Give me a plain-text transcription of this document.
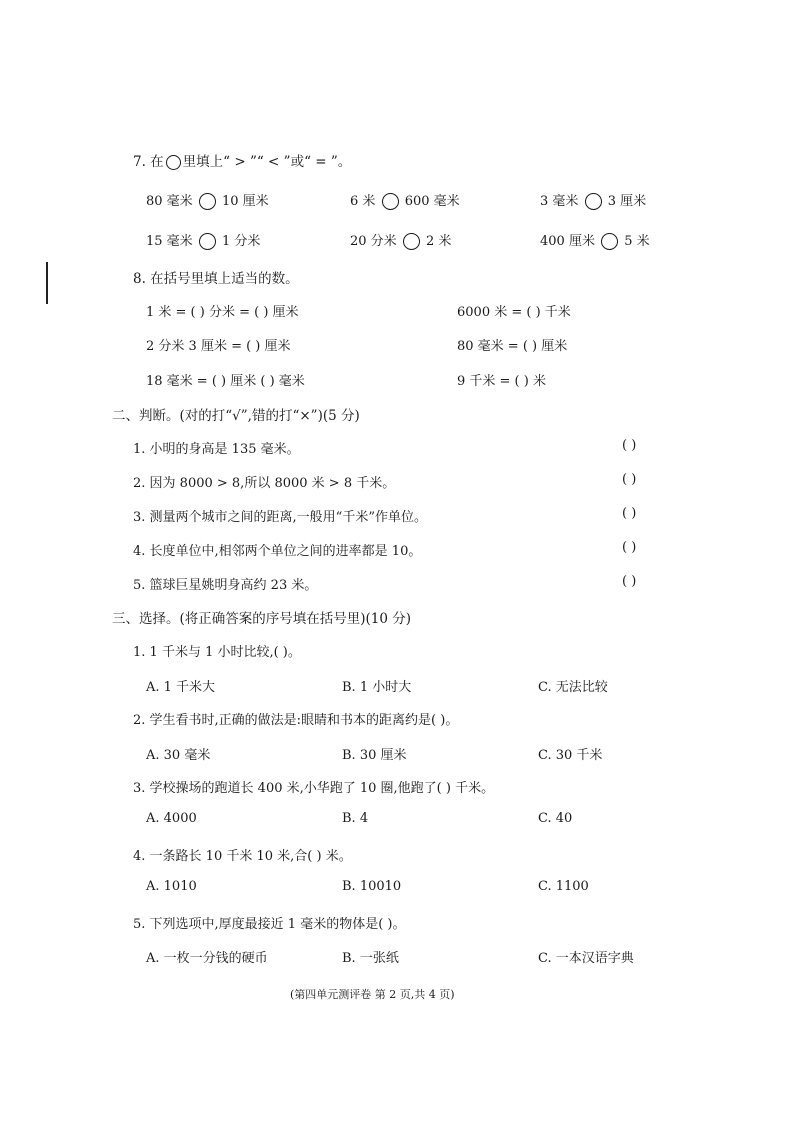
7. 在 里填上“ > ”“ < ”或“ = ”。
80 毫米 10 厘米	6 米 600 毫米	3 毫米 3 厘米
15 毫米 1 分米	20 分米 2 米	400 厘米 5 米
8. 在括号里填上适当的数。
1 米 = ( ) 分米 = ( ) 厘米	6000 米 = ( ) 千米
2 分米 3 厘米 = ( ) 厘米	80 毫米 = ( ) 厘米
18 毫米 = ( ) 厘米 ( ) 毫米	9 千米 = ( ) 米
二、判断。(对的打“√”,错的打“×”)(5 分)
1. 小明的身高是 135 毫米。	( )
2. 因为 8000 > 8,所以 8000 米 > 8 千米。	( )
3. 测量两个城市之间的距离,一般用“千米”作单位。	( )
4. 长度单位中,相邻两个单位之间的进率都是 10。	( )
5. 篮球巨星姚明身高约 23 米。	( )
三、选择。(将正确答案的序号填在括号里)(10 分)
1. 1 千米与 1 小时比较,( )。
A. 1 千米大	B. 1 小时大	C. 无法比较
2. 学生看书时,正确的做法是:眼睛和书本的距离约是( )。
A. 30 毫米	B. 30 厘米	C. 30 千米
3. 学校操场的跑道长 400 米,小华跑了 10 圈,他跑了( ) 千米。
A. 4000	B. 4	C. 40
4. 一条路长 10 千米 10 米,合( ) 米。
A. 1010	B. 10010	C. 1100
5. 下列选项中,厚度最接近 1 毫米的物体是( )。
A. 一枚一分钱的硬币	B. 一张纸	C. 一本汉语字典
(第四单元测评卷 第 2 页,共 4 页)
